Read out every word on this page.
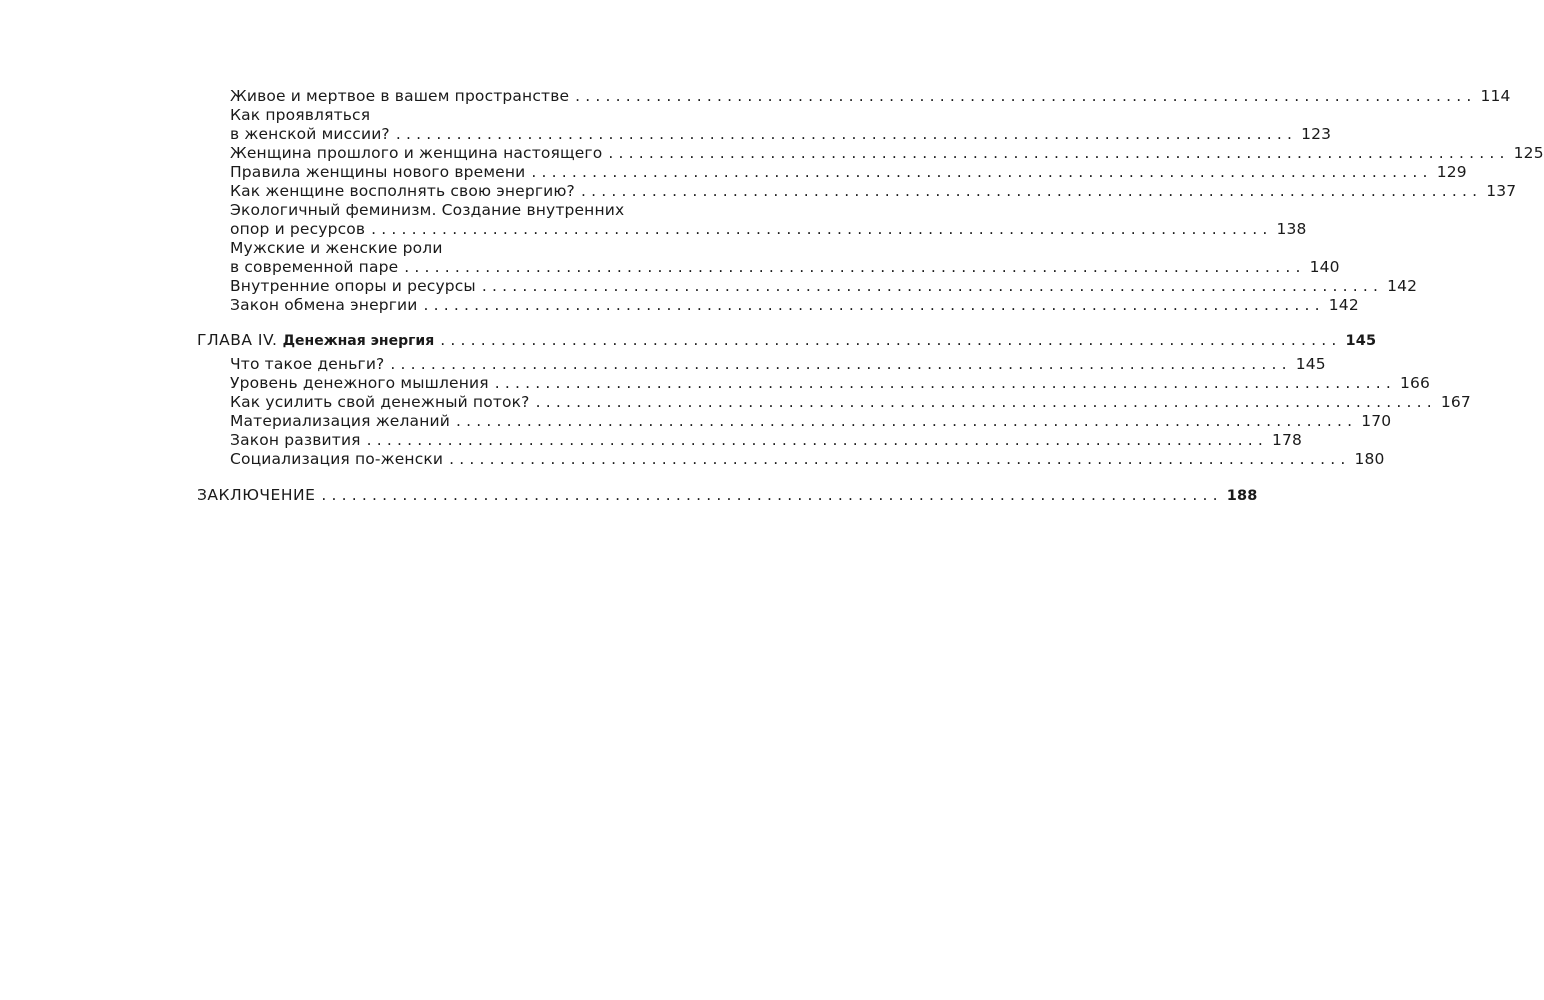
Живое и мертвое в вашем пространстве ......................................................................................... 114
Как проявляться
в женской миссии? ......................................................................................... 123
Женщина прошлого и женщина настоящего ......................................................................................... 125
Правила женщины нового времени ......................................................................................... 129
Как женщине восполнять свою энергию? ......................................................................................... 137
Экологичный феминизм. Создание внутренних
опор и ресурсов ......................................................................................... 138
Мужские и женские роли
в современной паре ......................................................................................... 140
Внутренние опоры и ресурсы ......................................................................................... 142
Закон обмена энергии ......................................................................................... 142
ГЛАВА IV. Денежная энергия ......................................................................................... 145
Что такое деньги? ......................................................................................... 145
Уровень денежного мышления ......................................................................................... 166
Как усилить свой денежный поток? ......................................................................................... 167
Материализация желаний ......................................................................................... 170
Закон развития ......................................................................................... 178
Социализация по-женски ......................................................................................... 180
ЗАКЛЮЧЕНИЕ ......................................................................................... 188
